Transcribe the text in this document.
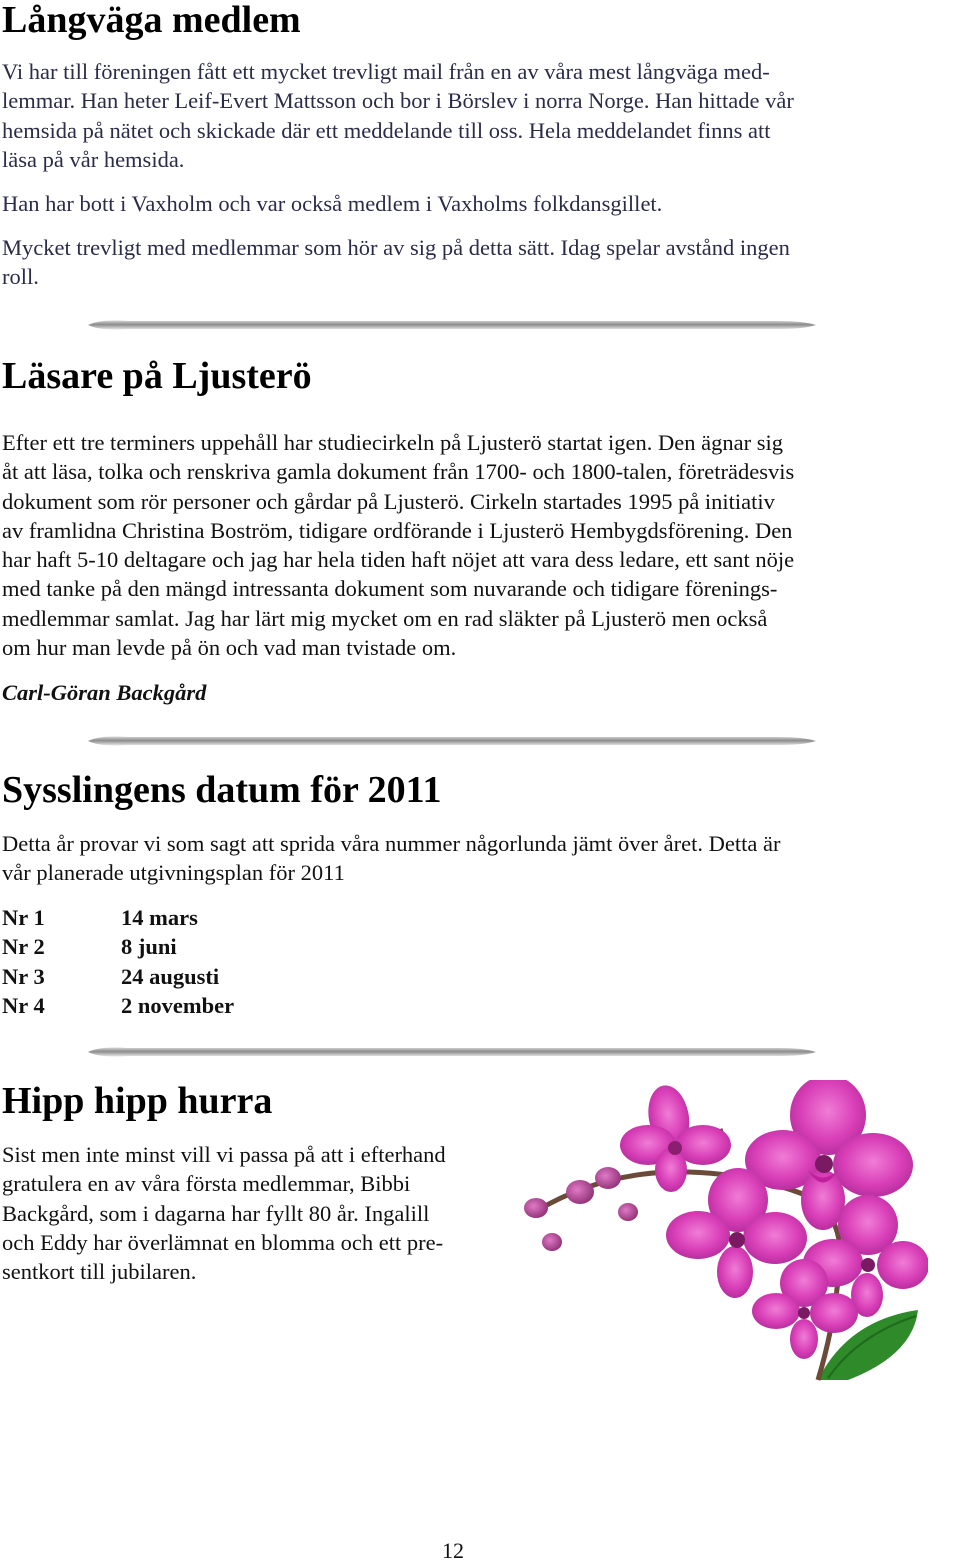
Långväga medlem

Vi har till föreningen fått ett mycket trevligt mail från en av våra mest långväga med-
lemmar. Han heter Leif-Evert Mattsson och bor i Börslev i norra Norge. Han hittade vår
hemsida på nätet och skickade där ett meddelande till oss. Hela meddelandet finns att
läsa på vår hemsida.

Han har bott i Vaxholm och var också medlem i Vaxholms folkdansgillet.

Mycket trevligt med medlemmar som hör av sig på detta sätt. Idag spelar avstånd ingen
roll.

Läsare på Ljusterö

Efter ett tre terminers uppehåll har studiecirkeln på Ljusterö startat igen. Den ägnar sig
åt att läsa, tolka och renskriva gamla dokument från 1700- och 1800-talen, företrädesvis
dokument som rör personer och gårdar på Ljusterö. Cirkeln startades 1995 på initiativ
av framlidna Christina Boström, tidigare ordförande i Ljusterö Hembygdsförening. Den
har haft 5-10 deltagare och jag har hela tiden haft nöjet att vara dess ledare, ett sant nöje
med tanke på den mängd intressanta dokument som nuvarande och tidigare förenings-
medlemmar samlat. Jag har lärt mig mycket om en rad släkter på Ljusterö men också
om hur man levde på ön och vad man tvistade om.

Carl-Göran Backgård

Sysslingens datum för 2011

Detta år provar vi som sagt att sprida våra nummer någorlunda jämt över året. Detta är
vår planerade utgivningsplan för 2011

Nr 1	14 mars
Nr 2	8 juni
Nr 3	24 augusti
Nr 4	2 november
Hipp hipp hurra

Sist men inte minst vill vi passa på att i efterhand
gratulera en av våra första medlemmar, Bibbi
Backgård, som i dagarna har fyllt 80 år. Ingalill
och Eddy har överlämnat en blomma och ett pre-
sentkort till jubilaren.

12
